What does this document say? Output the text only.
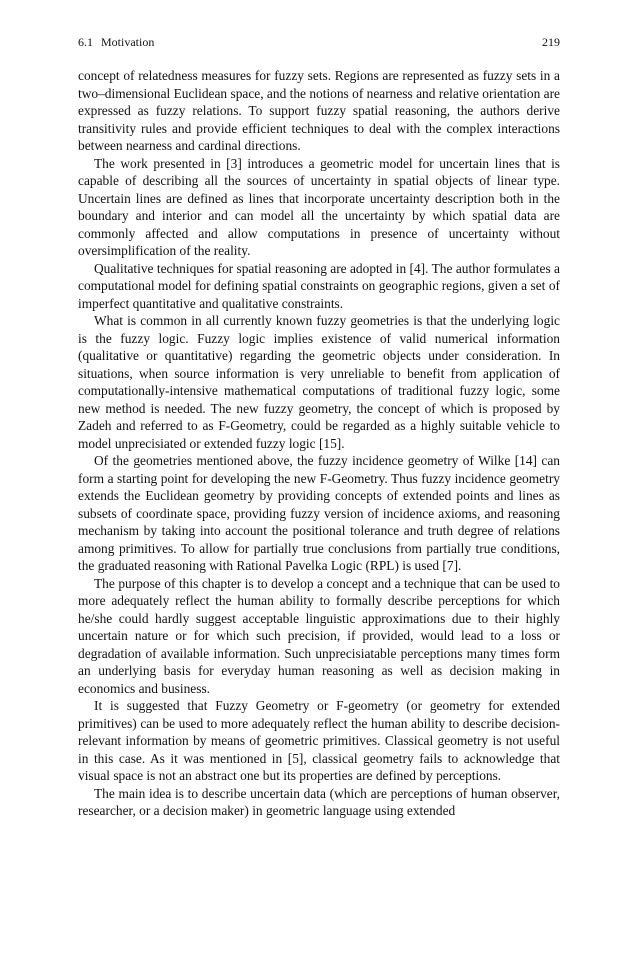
6.1 Motivation	219

concept of relatedness measures for fuzzy sets. Regions are represented as fuzzy sets in a two–dimensional Euclidean space, and the notions of nearness and relative orientation are expressed as fuzzy relations. To support fuzzy spatial reasoning, the authors derive transitivity rules and provide efficient techniques to deal with the complex interactions between nearness and cardinal directions.

The work presented in [3] introduces a geometric model for uncertain lines that is capable of describing all the sources of uncertainty in spatial objects of linear type. Uncertain lines are defined as lines that incorporate uncertainty description both in the boundary and interior and can model all the uncertainty by which spatial data are commonly affected and allow computations in presence of uncertainty without oversimplification of the reality.

Qualitative techniques for spatial reasoning are adopted in [4]. The author formulates a computational model for defining spatial constraints on geographic regions, given a set of imperfect quantitative and qualitative constraints.

What is common in all currently known fuzzy geometries is that the underlying logic is the fuzzy logic. Fuzzy logic implies existence of valid numerical information (qualitative or quantitative) regarding the geometric objects under consideration. In situations, when source information is very unreliable to benefit from application of computationally-intensive mathematical computations of traditional fuzzy logic, some new method is needed. The new fuzzy geometry, the concept of which is proposed by Zadeh and referred to as F-Geometry, could be regarded as a highly suitable vehicle to model unprecisiated or extended fuzzy logic [15].

Of the geometries mentioned above, the fuzzy incidence geometry of Wilke [14] can form a starting point for developing the new F-Geometry. Thus fuzzy incidence geometry extends the Euclidean geometry by providing concepts of extended points and lines as subsets of coordinate space, providing fuzzy version of incidence axioms, and reasoning mechanism by taking into account the positional tolerance and truth degree of relations among primitives. To allow for partially true conclusions from partially true conditions, the graduated reasoning with Rational Pavelka Logic (RPL) is used [7].

The purpose of this chapter is to develop a concept and a technique that can be used to more adequately reflect the human ability to formally describe perceptions for which he/she could hardly suggest acceptable linguistic approximations due to their highly uncertain nature or for which such precision, if provided, would lead to a loss or degradation of available information. Such unprecisiatable perceptions many times form an underlying basis for everyday human reasoning as well as decision making in economics and business.

It is suggested that Fuzzy Geometry or F-geometry (or geometry for extended primitives) can be used to more adequately reflect the human ability to describe decision-relevant information by means of geometric primitives. Classical geometry is not useful in this case. As it was mentioned in [5], classical geometry fails to acknowledge that visual space is not an abstract one but its properties are defined by perceptions.

The main idea is to describe uncertain data (which are perceptions of human observer, researcher, or a decision maker) in geometric language using extended
